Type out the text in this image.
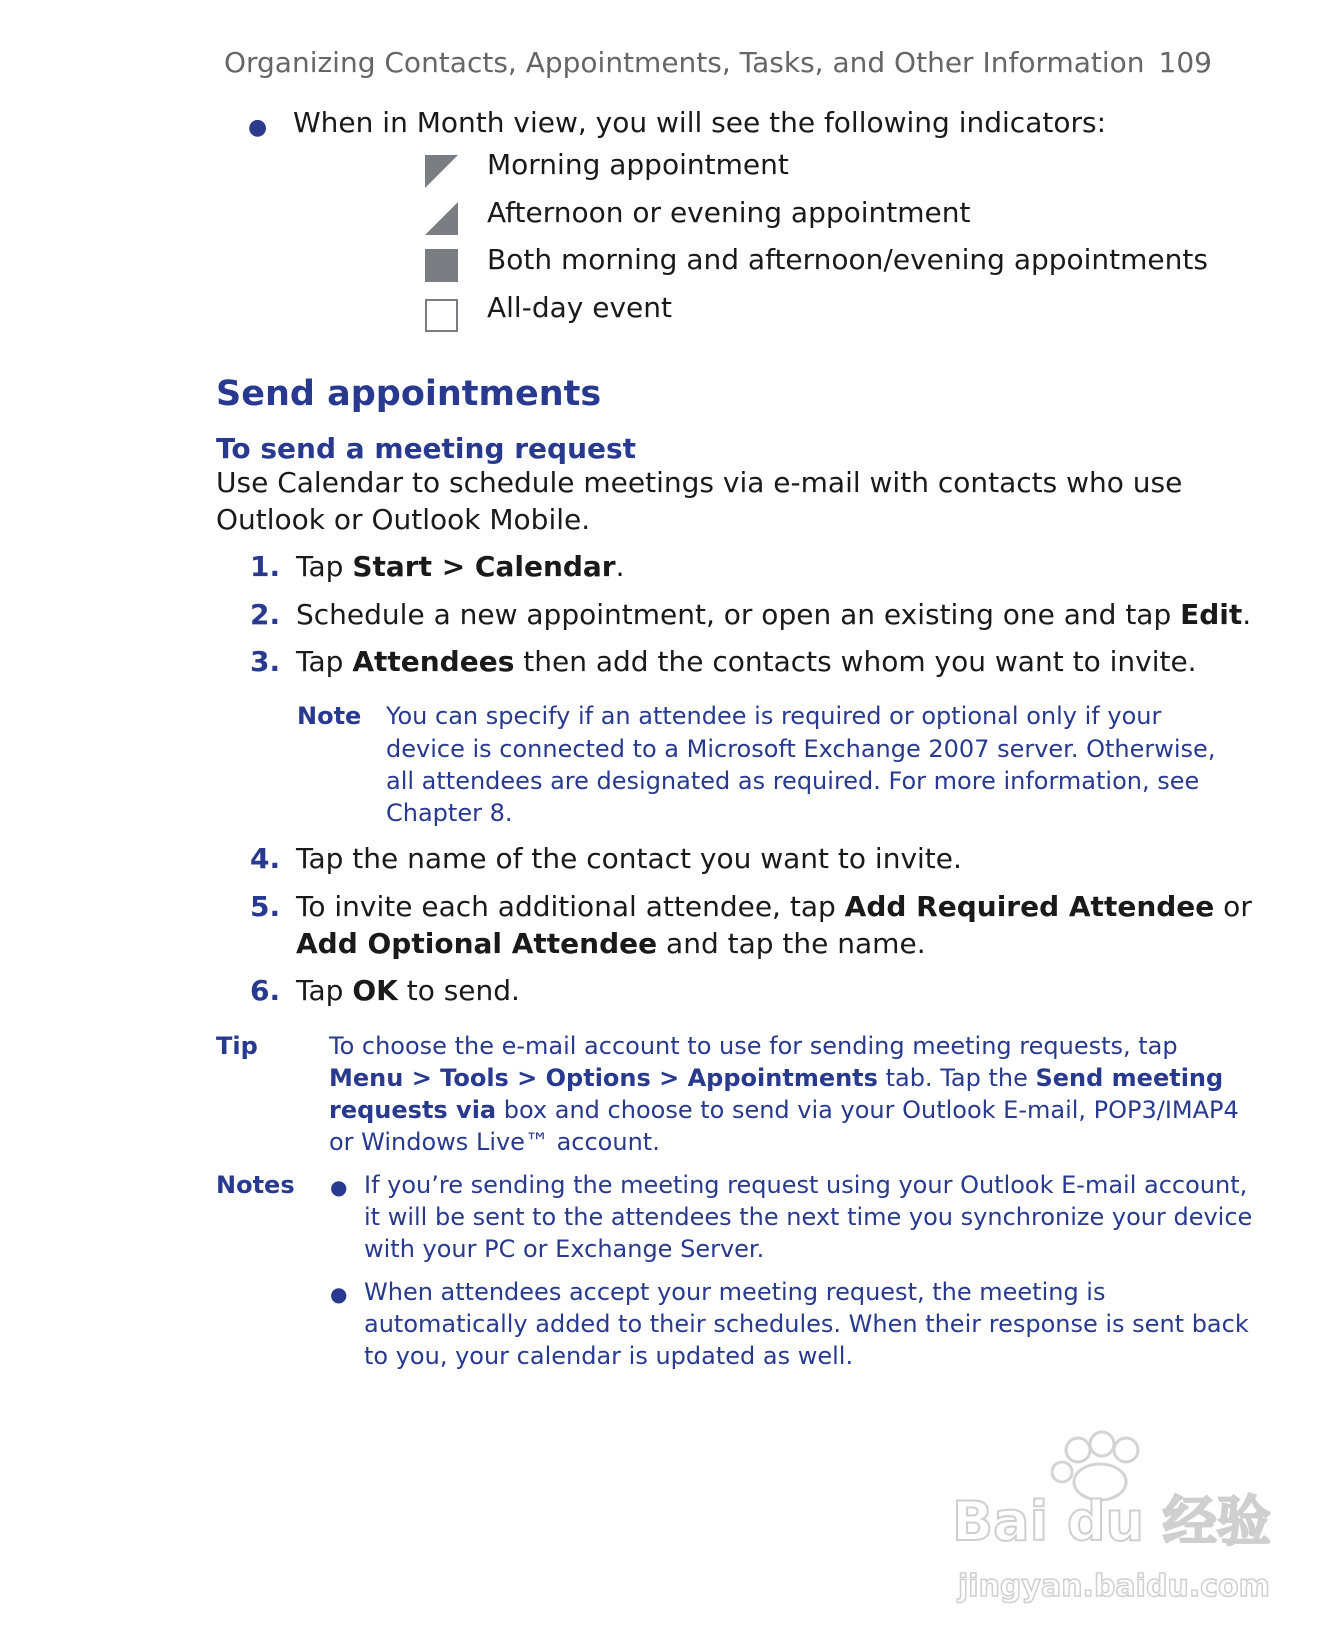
Organizing Contacts, Appointments, Tasks, and Other Information 109
● When in Month view, you will see the following indicators:
Morning appointment
Afternoon or evening appointment
Both morning and afternoon/evening appointments
All-day event
Send appointments
To send a meeting request
Use Calendar to schedule meetings via e-mail with contacts who use
Outlook or Outlook Mobile.
1. Tap Start > Calendar.
2. Schedule a new appointment, or open an existing one and tap Edit.
3. Tap Attendees then add the contacts whom you want to invite.
Note You can specify if an attendee is required or optional only if your
device is connected to a Microsoft Exchange 2007 server. Otherwise,
all attendees are designated as required. For more information, see
Chapter 8.
4. Tap the name of the contact you want to invite.
5. To invite each additional attendee, tap Add Required Attendee or
Add Optional Attendee and tap the name.
6. Tap OK to send.
Tip	To choose the e-mail account to use for sending meeting requests, tap
Menu > Tools > Options > Appointments tab. Tap the Send meeting
requests via box and choose to send via your Outlook E-mail, POP3/IMAP4
or Windows Live™ account.
Notes ● If you’re sending the meeting request using your Outlook E-mail account,
it will be sent to the attendees the next time you synchronize your device
with your PC or Exchange Server.
● When attendees accept your meeting request, the meeting is
automatically added to their schedules. When their response is sent back
to you, your calendar is updated as well.
Bai du 经验
jingyan.baidu.com
